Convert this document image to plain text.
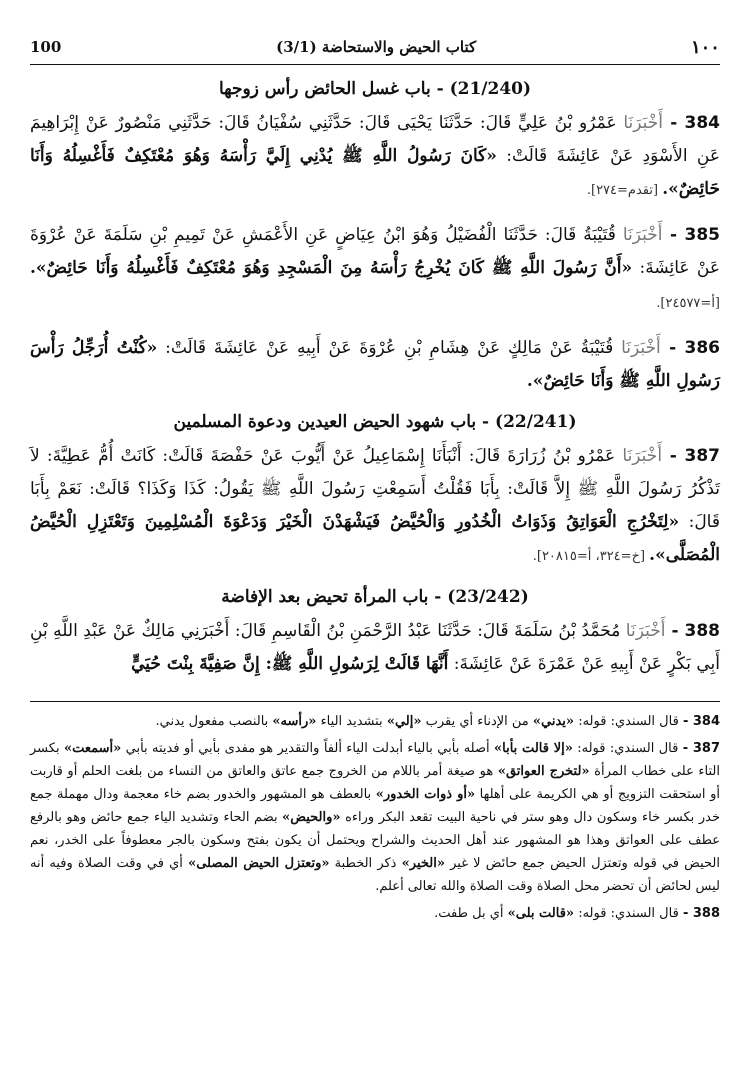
100	(3/1) كتاب الحيض والاستحاضة	١٠٠
(21/240) - باب غسل الحائض رأس زوجها
384 - أَخْبَرَنَا عَمْرُو بْنُ عَلِيٍّ قَالَ: حَدَّثَنَا يَحْيَى قَالَ: حَدَّثَنِي سُفْيَانُ قَالَ: حَدَّثَنِي مَنْصُورٌ عَنْ إِبْرَاهِيمَ عَنِ الأَسْوَدِ عَنْ عَائِشَةَ قَالَتْ: «كَانَ رَسُولُ اللَّهِ ﷺ يُدْنِي إِلَيَّ رَأْسَهُ وَهُوَ مُعْتَكِفٌ فَأَغْسِلُهُ وَأَنَا حَائِضٌ». [تقدم=٢٧٤].
385 - أَخْبَرَنَا قُتَيْبَةُ قَالَ: حَدَّثَنَا الْفُضَيْلُ وَهُوَ ابْنُ عِيَاضٍ عَنِ الأَعْمَشِ عَنْ تَمِيمِ بْنِ سَلَمَةَ عَنْ عُرْوَةَ عَنْ عَائِشَةَ: «أَنَّ رَسُولَ اللَّهِ ﷺ كَانَ يُخْرِجُ رَأْسَهُ مِنَ الْمَسْجِدِ وَهُوَ مُعْتَكِفٌ فَأَغْسِلُهُ وَأَنَا حَائِضٌ». [أ=٢٤٥٧٧].
386 - أَخْبَرَنَا قُتَيْبَةُ عَنْ مَالِكٍ عَنْ هِشَامِ بْنِ عُرْوَةَ عَنْ أَبِيهِ عَنْ عَائِشَةَ قَالَتْ: «كُنْتُ أُرَجِّلُ رَأْسَ رَسُولِ اللَّهِ ﷺ وَأَنَا حَائِضٌ».
(22/241) - باب شهود الحيض العيدين ودعوة المسلمين
387 - أَخْبَرَنَا عَمْرُو بْنُ زُرَارَةَ قَالَ: أَنْبَأَنَا إِسْمَاعِيلُ عَنْ أَيُّوبَ عَنْ حَفْصَةَ قَالَتْ: كَانَتْ أُمُّ عَطِيَّةَ: لاَ تَذْكُرُ رَسُولَ اللَّهِ ﷺ إِلاَّ قَالَتْ: بِأَبَا فَقُلْتُ أَسَمِعْتِ رَسُولَ اللَّهِ ﷺ يَقُولُ: كَذَا وَكَذَا؟ قَالَتْ: نَعَمْ بِأَبَا قَالَ: «لِتَخْرُجِ الْعَوَاتِقُ وَذَوَاتُ الْخُدُورِ وَالْحُيَّضُ فَيَشْهَدْنَ الْخَيْرَ وَدَعْوَةَ الْمُسْلِمِينَ وَتَعْتَزِلِ الْحُيَّضُ الْمُصَلَّى». [خ=٣٢٤، أ=٢٠٨١٥].
(23/242) - باب المرأة تحيض بعد الإفاضة
388 - أَخْبَرَنَا مُحَمَّدُ بْنُ سَلَمَةَ قَالَ: حَدَّثَنَا عَبْدُ الرَّحْمَنِ بْنُ الْقَاسِمِ قَالَ: أَخْبَرَنِي مَالِكٌ عَنْ عَبْدِ اللَّهِ بْنِ أَبِي بَكْرٍ عَنْ أَبِيهِ عَنْ عَمْرَةَ عَنْ عَائِشَةَ: أَنَّهَا قَالَتْ لِرَسُولِ اللَّهِ ﷺ: إِنَّ صَفِيَّةَ بِنْتَ حُيَيٍّ
384 - قال السندي: قوله: «يدني» من الإدناء أي يقرب «إلي» بتشديد الياء «رأسه» بالنصب مفعول يدني.
387 - قال السندي: قوله: «إلا قالت بأبا» أصله بأبي بالياء أبدلت الياء ألفاً والتقدير هو مفدى بأبي أو فديته بأبي «أسمعت» بكسر التاء على خطاب المرأة «لتخرج العواتق» هو صيغة أمر باللام من الخروج جمع عاتق والعاتق من النساء من بلغت الحلم أو قاربت أو استحقت التزويج أو هي الكريمة على أهلها «أو ذوات الخدور» بالعطف هو المشهور والخدور بضم خاء معجمة ودال مهملة جمع خدر بكسر خاء وسكون دال وهو ستر في ناحية البيت تقعد البكر وراءه «والحيض» بضم الحاء وتشديد الياء جمع حائض وهو بالرفع عطف على العواتق وهذا هو المشهور عند أهل الحديث والشراح ويحتمل أن يكون بفتح وسكون بالجر معطوفاً على الخدر، نعم الحيض في قوله وتعتزل الحيض جمع حائض لا غير «الخير» ذكر الخطبة «وتعتزل الحيض المصلى» أي في وقت الصلاة وفيه أنه ليس لحائض أن تحضر محل الصلاة وقت الصلاة والله تعالى أعلم.
388 - قال السندي: قوله: «قالت بلى» أي بل طفت.
